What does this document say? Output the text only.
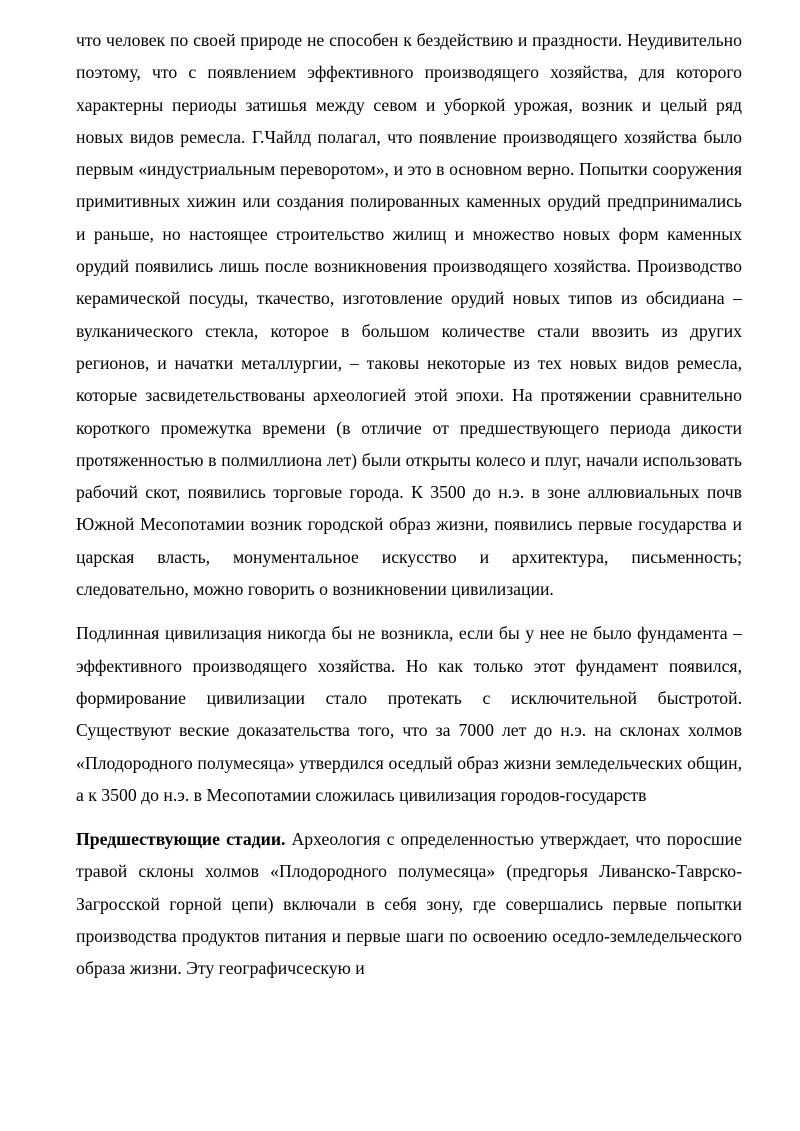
что человек по своей природе не способен к бездействию и праздности. Неудивительно поэтому, что с появлением эффективного производящего хозяйства, для которого характерны периоды затишья между севом и уборкой урожая, возник и целый ряд новых видов ремесла. Г.Чайлд полагал, что появление производящего хозяйства было первым «индустриальным переворотом», и это в основном верно. Попытки сооружения примитивных хижин или создания полированных каменных орудий предпринимались и раньше, но настоящее строительство жилищ и множество новых форм каменных орудий появились лишь после возникновения производящего хозяйства. Производство керамической посуды, ткачество, изготовление орудий новых типов из обсидиана – вулканического стекла, которое в большом количестве стали ввозить из других регионов, и начатки металлургии, – таковы некоторые из тех новых видов ремесла, которые засвидетельствованы археологией этой эпохи. На протяжении сравнительно короткого промежутка времени (в отличие от предшествующего периода дикости протяженностью в полмиллиона лет) были открыты колесо и плуг, начали использовать рабочий скот, появились торговые города. К 3500 до н.э. в зоне аллювиальных почв Южной Месопотамии возник городской образ жизни, появились первые государства и царская власть, монументальное искусство и архитектура, письменность; следовательно, можно говорить о возникновении цивилизации.

Подлинная цивилизация никогда бы не возникла, если бы у нее не было фундамента – эффективного производящего хозяйства. Но как только этот фундамент появился, формирование цивилизации стало протекать с исключительной быстротой. Существуют веские доказательства того, что за 7000 лет до н.э. на склонах холмов «Плодородного полумесяца» утвердился оседлый образ жизни земледельческих общин, а к 3500 до н.э. в Месопотамии сложилась цивилизация городов-государств

Предшествующие стадии. Археология с определенностью утверждает, что поросшие травой склоны холмов «Плодородного полумесяца» (предгорья Ливанско-Таврско-Загросской горной цепи) включали в себя зону, где совершались первые попытки производства продуктов питания и первые шаги по освоению оседло-земледельческого образа жизни. Эту географичсескую и
